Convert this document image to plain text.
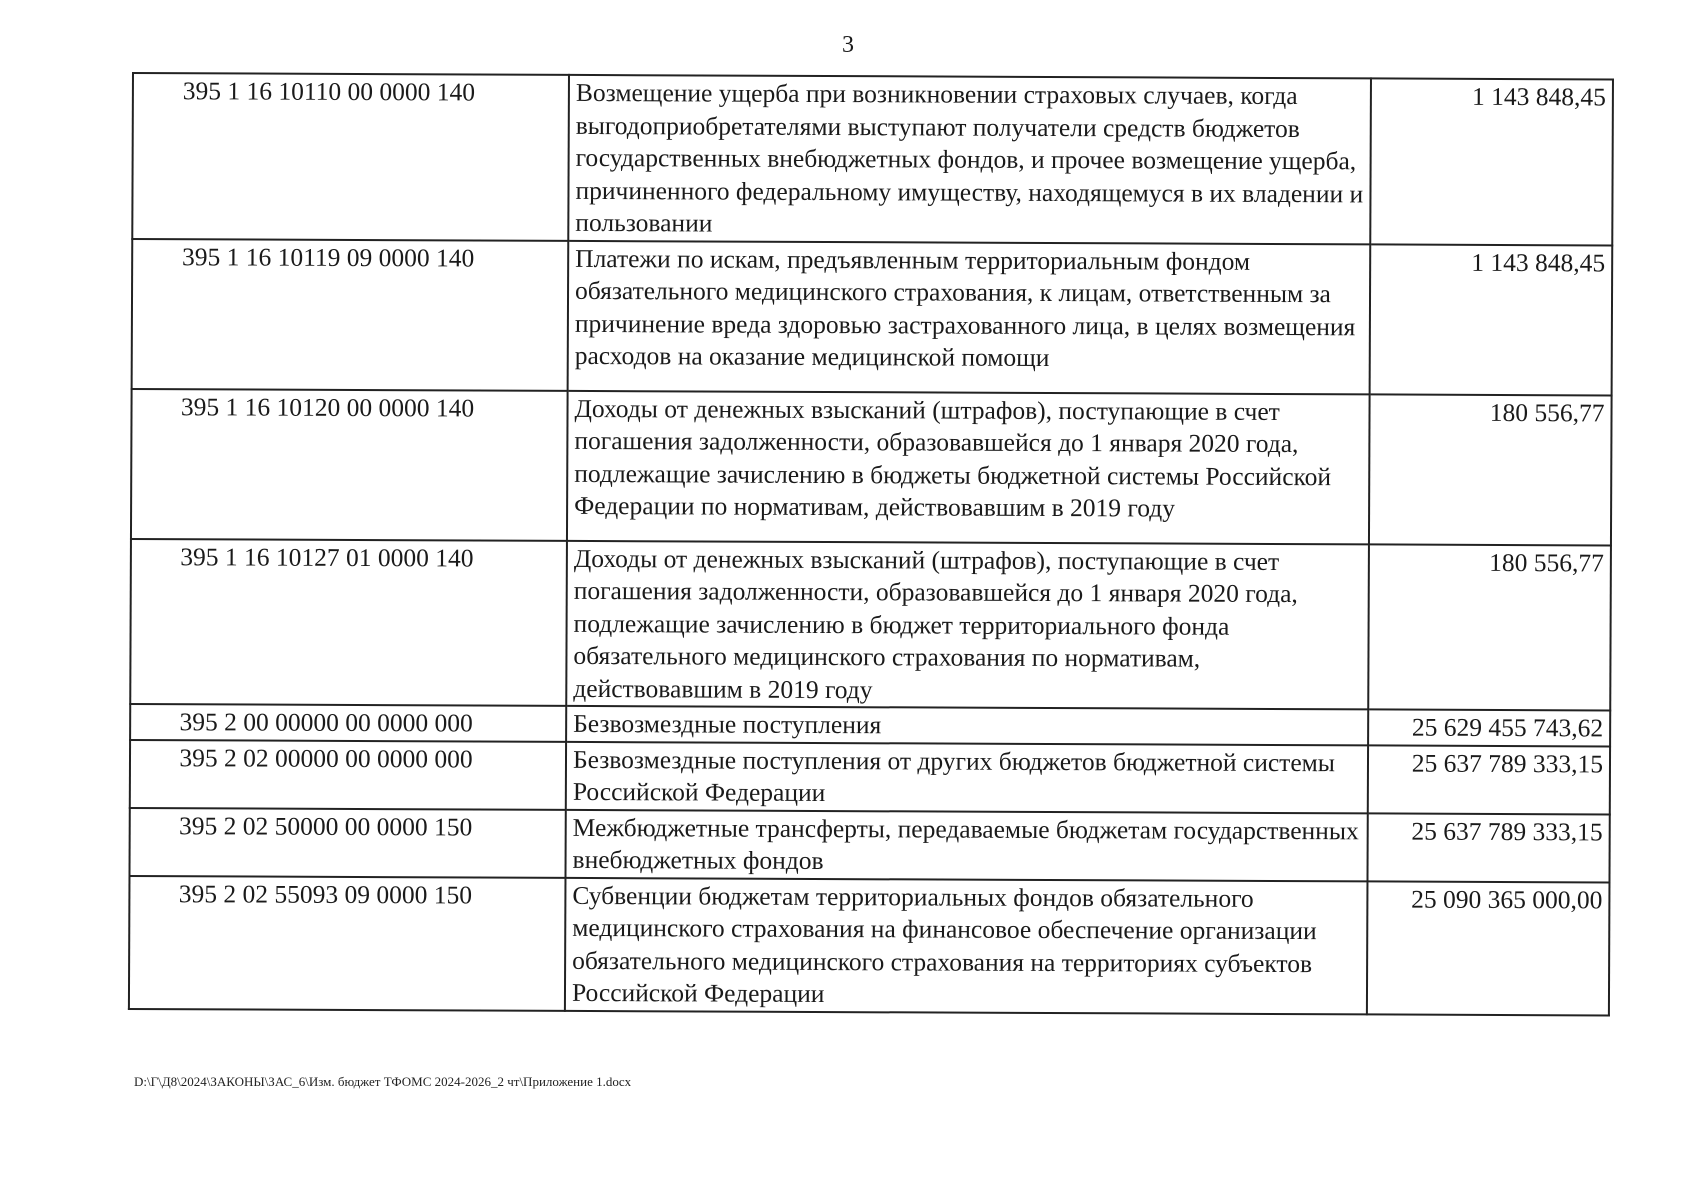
3
395 1 16 10110 00 0000 140	Возмещение ущерба при возникновении страховых случаев, когда выгодоприобретателями выступают получатели средств бюджетов государственных внебюджетных фондов, и прочее возмещение ущерба, причиненного федеральному имуществу, находящемуся в их владении и пользовании	1 143 848,45
395 1 16 10119 09 0000 140	Платежи по искам, предъявленным территориальным фондом обязательного медицинского страхования, к лицам, ответственным за причинение вреда здоровью застрахованного лица, в целях возмещения расходов на оказание медицинской помощи	1 143 848,45
395 1 16 10120 00 0000 140	Доходы от денежных взысканий (штрафов), поступающие в счет погашения задолженности, образовавшейся до 1 января 2020 года, подлежащие зачислению в бюджеты бюджетной системы Российской Федерации по нормативам, действовавшим в 2019 году	180 556,77
395 1 16 10127 01 0000 140	Доходы от денежных взысканий (штрафов), поступающие в счет погашения задолженности, образовавшейся до 1 января 2020 года, подлежащие зачислению в бюджет территориального фонда обязательного медицинского страхования по нормативам, действовавшим в 2019 году	180 556,77
395 2 00 00000 00 0000 000	Безвозмездные поступления	25 629 455 743,62
395 2 02 00000 00 0000 000	Безвозмездные поступления от других бюджетов бюджетной системы Российской Федерации	25 637 789 333,15
395 2 02 50000 00 0000 150	Межбюджетные трансферты, передаваемые бюджетам государственных внебюджетных фондов	25 637 789 333,15
395 2 02 55093 09 0000 150	Субвенции бюджетам территориальных фондов обязательного медицинского страхования на финансовое обеспечение организации обязательного медицинского страхования на территориях субъектов Российской Федерации	25 090 365 000,00
D:\Г\Д8\2024\ЗАКОНЫ\ЗАС_6\Изм. бюджет ТФОМС 2024-2026_2 чт\Приложение 1.docx
